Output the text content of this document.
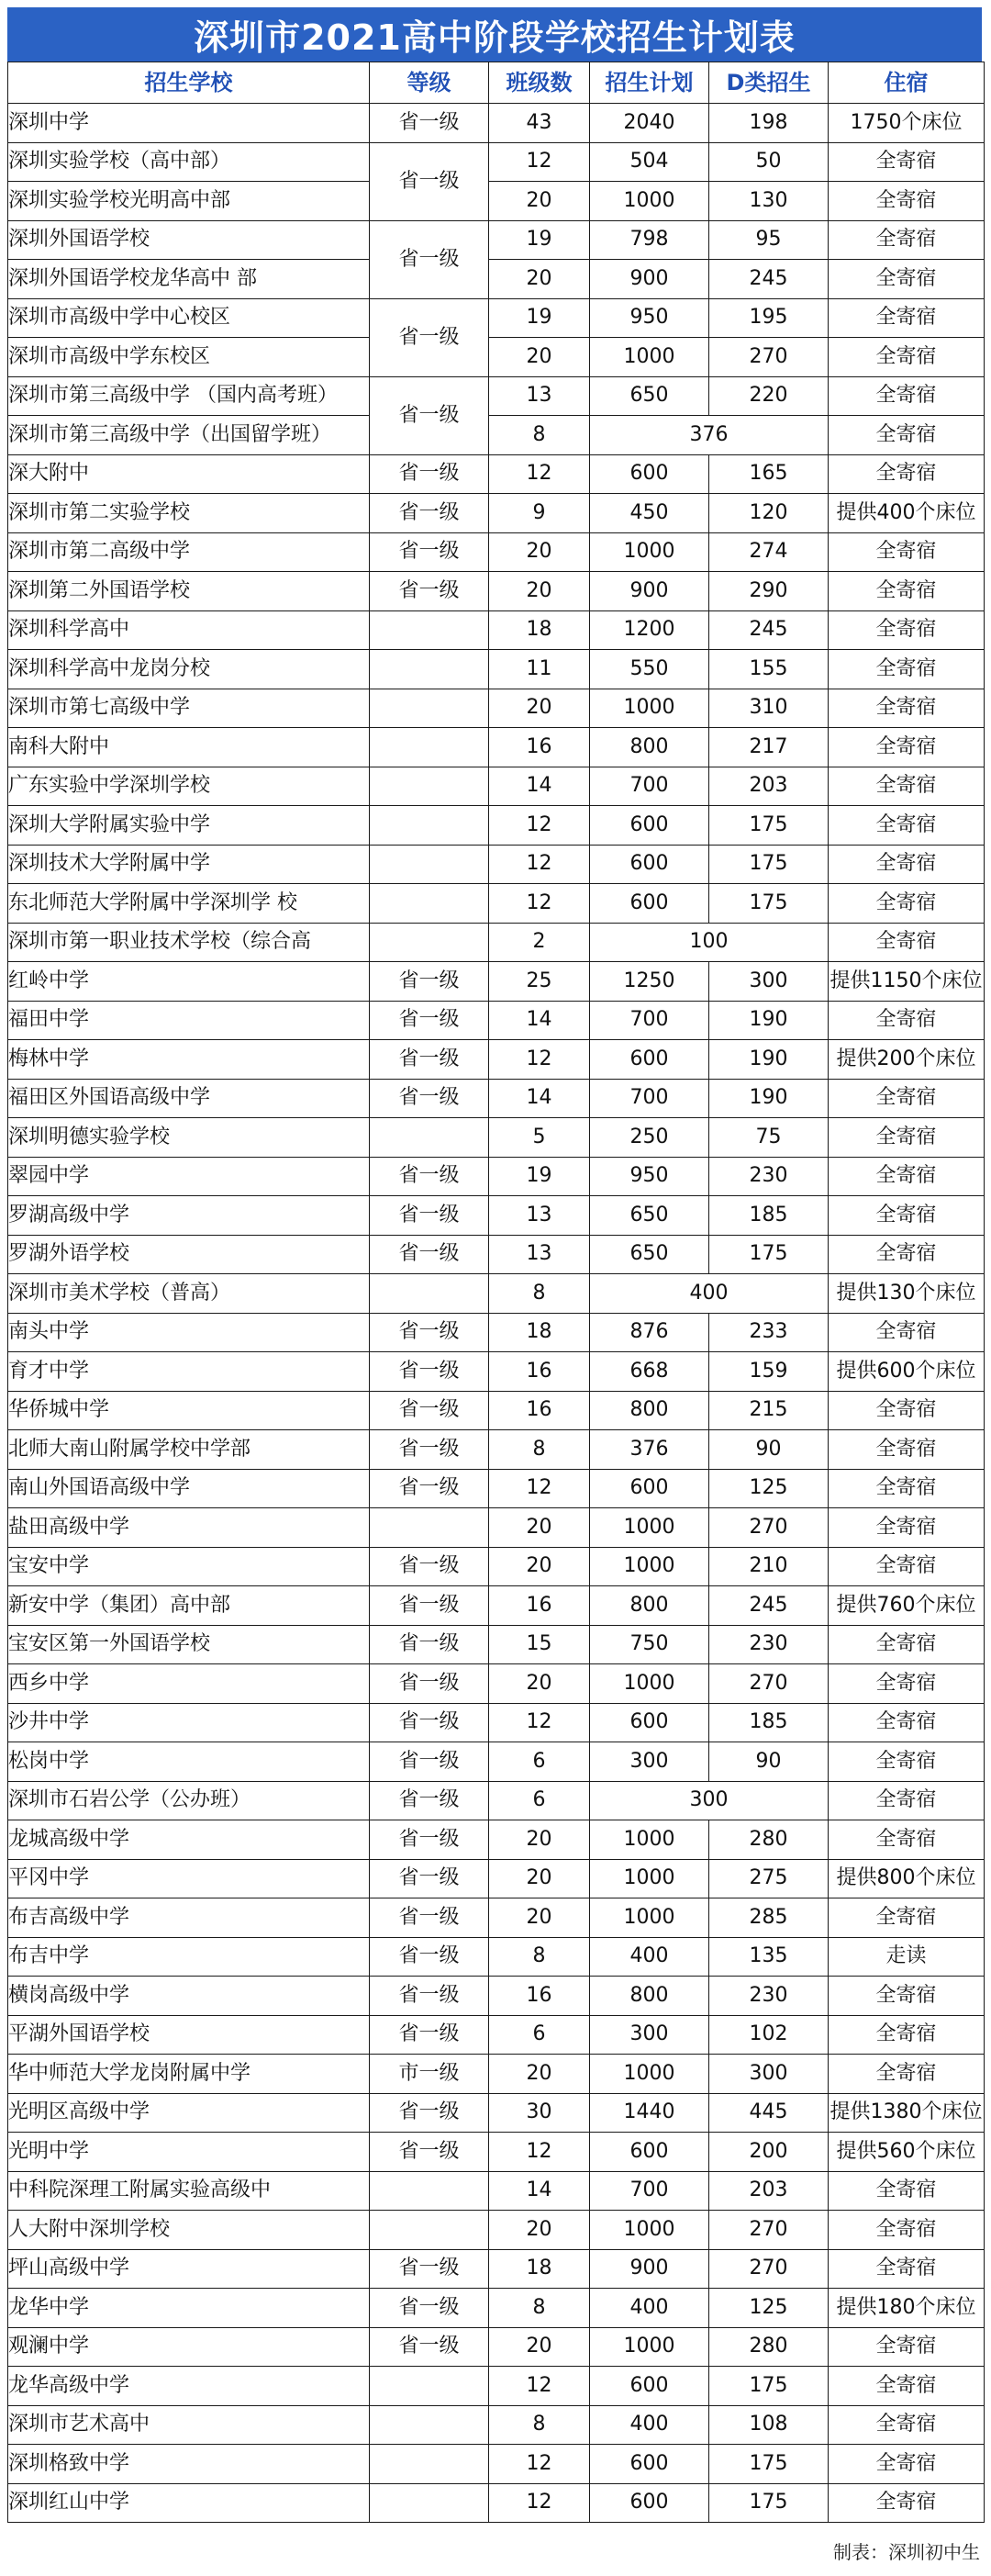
深圳市2021高中阶段学校招生计划表
招生学校	等级	班级数	招生计划	D类招生	住宿
深圳中学	省一级	43	2040	198	1750个床位
深圳实验学校（高中部）	省一级	12	504	50	全寄宿
深圳实验学校光明高中部		20	1000	130	全寄宿
深圳外国语学校	省一级	19	798	95	全寄宿
深圳外国语学校龙华高中 部		20	900	245	全寄宿
深圳市高级中学中心校区	省一级	19	950	195	全寄宿
深圳市高级中学东校区		20	1000	270	全寄宿
深圳市第三高级中学 （国内高考班）	省一级	13	650	220	全寄宿
深圳市第三高级中学（出国留学班）		8	376		全寄宿
深大附中	省一级	12	600	165	全寄宿
深圳市第二实验学校	省一级	9	450	120	提供400个床位
深圳市第二高级中学	省一级	20	1000	274	全寄宿
深圳第二外国语学校	省一级	20	900	290	全寄宿
深圳科学高中		18	1200	245	全寄宿
深圳科学高中龙岗分校		11	550	155	全寄宿
深圳市第七高级中学		20	1000	310	全寄宿
南科大附中		16	800	217	全寄宿
广东实验中学深圳学校		14	700	203	全寄宿
深圳大学附属实验中学		12	600	175	全寄宿
深圳技术大学附属中学		12	600	175	全寄宿
东北师范大学附属中学深圳学 校		12	600	175	全寄宿
深圳市第一职业技术学校（综合高		2	100		全寄宿
红岭中学	省一级	25	1250	300	提供1150个床位
福田中学	省一级	14	700	190	全寄宿
梅林中学	省一级	12	600	190	提供200个床位
福田区外国语高级中学	省一级	14	700	190	全寄宿
深圳明德实验学校		5	250	75	全寄宿
翠园中学	省一级	19	950	230	全寄宿
罗湖高级中学	省一级	13	650	185	全寄宿
罗湖外语学校	省一级	13	650	175	全寄宿
深圳市美术学校（普高）		8	400		提供130个床位
南头中学	省一级	18	876	233	全寄宿
育才中学	省一级	16	668	159	提供600个床位
华侨城中学	省一级	16	800	215	全寄宿
北师大南山附属学校中学部	省一级	8	376	90	全寄宿
南山外国语高级中学	省一级	12	600	125	全寄宿
盐田高级中学		20	1000	270	全寄宿
宝安中学	省一级	20	1000	210	全寄宿
新安中学（集团）高中部	省一级	16	800	245	提供760个床位
宝安区第一外国语学校	省一级	15	750	230	全寄宿
西乡中学	省一级	20	1000	270	全寄宿
沙井中学	省一级	12	600	185	全寄宿
松岗中学	省一级	6	300	90	全寄宿
深圳市石岩公学（公办班）	省一级	6	300		全寄宿
龙城高级中学	省一级	20	1000	280	全寄宿
平冈中学	省一级	20	1000	275	提供800个床位
布吉高级中学	省一级	20	1000	285	全寄宿
布吉中学	省一级	8	400	135	走读
横岗高级中学	省一级	16	800	230	全寄宿
平湖外国语学校	省一级	6	300	102	全寄宿
华中师范大学龙岗附属中学	市一级	20	1000	300	全寄宿
光明区高级中学	省一级	30	1440	445	提供1380个床位
光明中学	省一级	12	600	200	提供560个床位
中科院深理工附属实验高级中		14	700	203	全寄宿
人大附中深圳学校		20	1000	270	全寄宿
坪山高级中学	省一级	18	900	270	全寄宿
龙华中学	省一级	8	400	125	提供180个床位
观澜中学	省一级	20	1000	280	全寄宿
龙华高级中学		12	600	175	全寄宿
深圳市艺术高中		8	400	108	全寄宿
深圳格致中学		12	600	175	全寄宿
深圳红山中学		12	600	175	全寄宿
制表：深圳初中生
